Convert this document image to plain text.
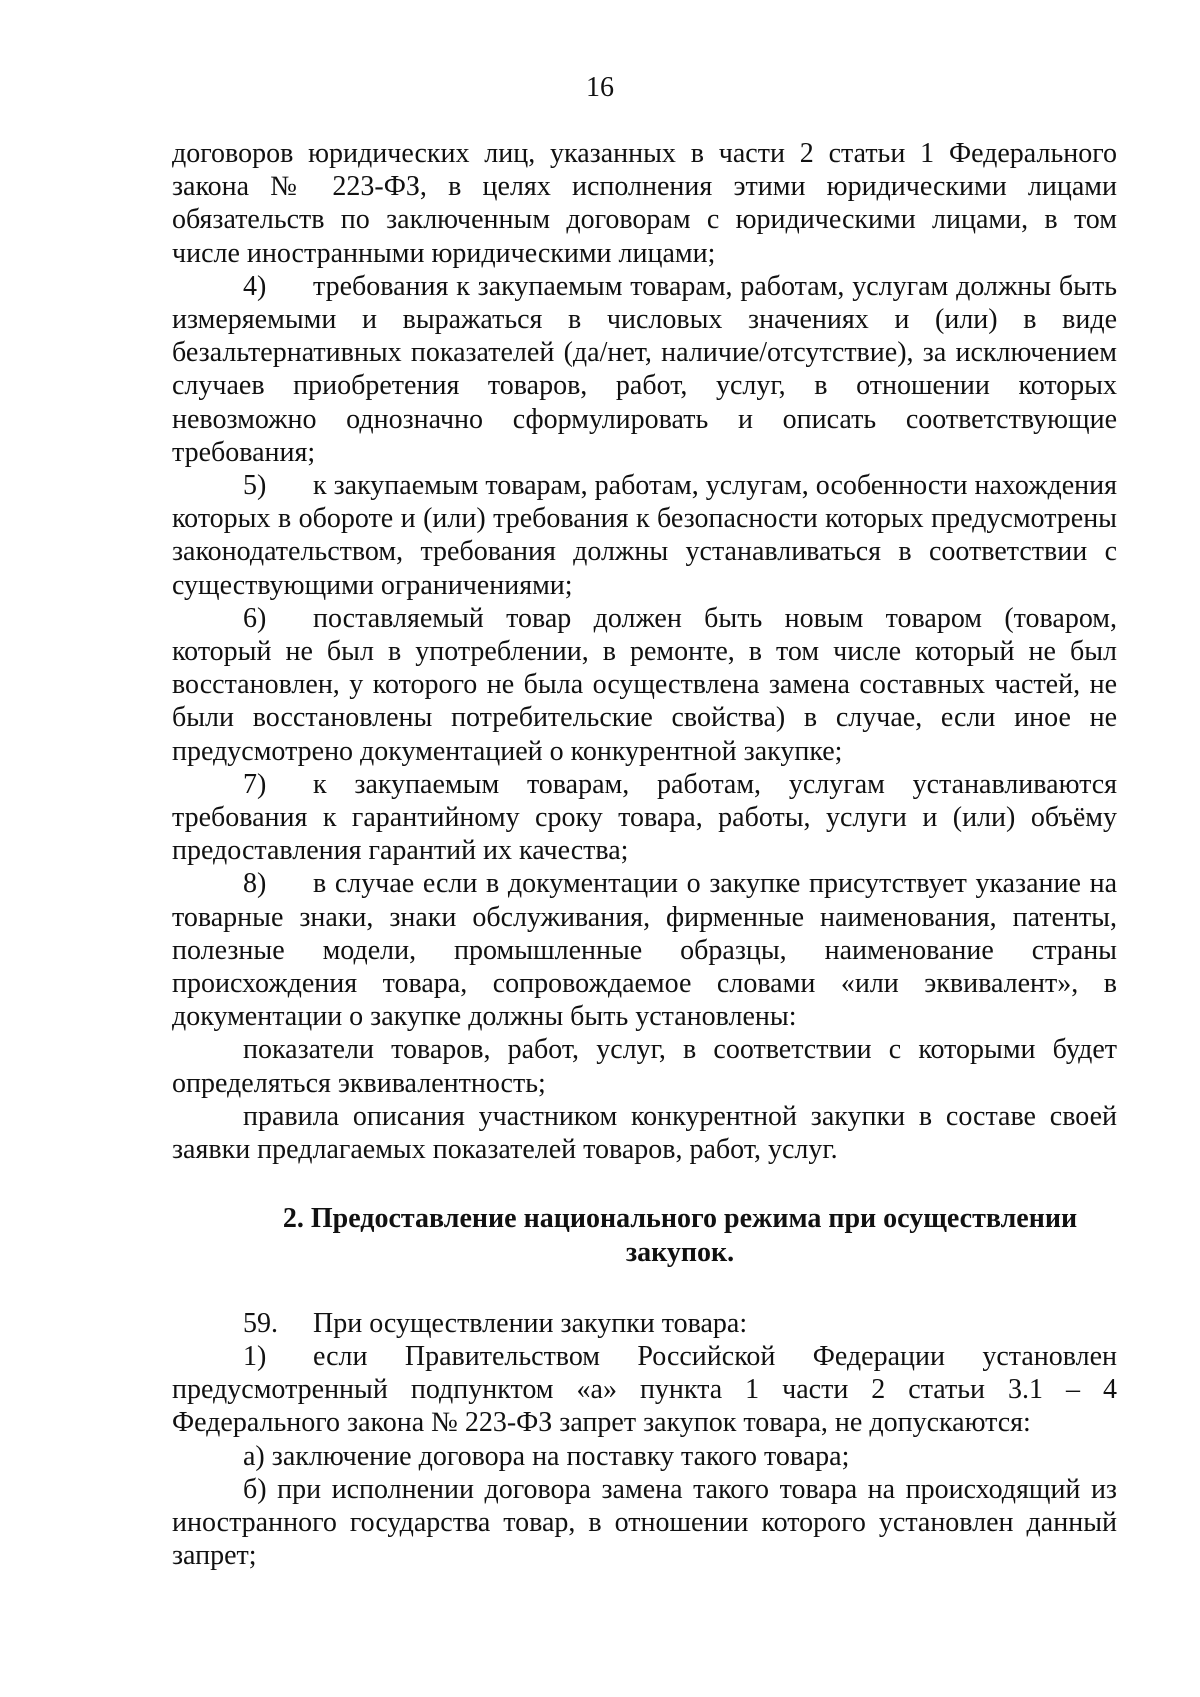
16

договоров юридических лиц, указанных в части 2 статьи 1 Федерального закона № 223-ФЗ, в целях исполнения этими юридическими лицами обязательств по заключенным договорам с юридическими лицами, в том числе иностранными юридическими лицами;

4) требования к закупаемым товарам, работам, услугам должны быть измеряемыми и выражаться в числовых значениях и (или) в виде безальтернативных показателей (да/нет, наличие/отсутствие), за исключением случаев приобретения товаров, работ, услуг, в отношении которых невозможно однозначно сформулировать и описать соответствующие требования;

5) к закупаемым товарам, работам, услугам, особенности нахождения которых в обороте и (или) требования к безопасности которых предусмотрены законодательством, требования должны устанавливаться в соответствии с существующими ограничениями;

6) поставляемый товар должен быть новым товаром (товаром, который не был в употреблении, в ремонте, в том числе который не был восстановлен, у которого не была осуществлена замена составных частей, не были восстановлены потребительские свойства) в случае, если иное не предусмотрено документацией о конкурентной закупке;

7) к закупаемым товарам, работам, услугам устанавливаются требования к гарантийному сроку товара, работы, услуги и (или) объёму предоставления гарантий их качества;

8) в случае если в документации о закупке присутствует указание на товарные знаки, знаки обслуживания, фирменные наименования, патенты, полезные модели, промышленные образцы, наименование страны происхождения товара, сопровождаемое словами «или эквивалент», в документации о закупке должны быть установлены:

показатели товаров, работ, услуг, в соответствии с которыми будет определяться эквивалентность;

правила описания участником конкурентной закупки в составе своей заявки предлагаемых показателей товаров, работ, услуг.

2. Предоставление национального режима при осуществлении закупок.

59. При осуществлении закупки товара:

1) если Правительством Российской Федерации установлен предусмотренный подпунктом «а» пункта 1 части 2 статьи 3.1 – 4 Федерального закона № 223-ФЗ запрет закупок товара, не допускаются:

а) заключение договора на поставку такого товара;

б) при исполнении договора замена такого товара на происходящий из иностранного государства товар, в отношении которого установлен данный запрет;
